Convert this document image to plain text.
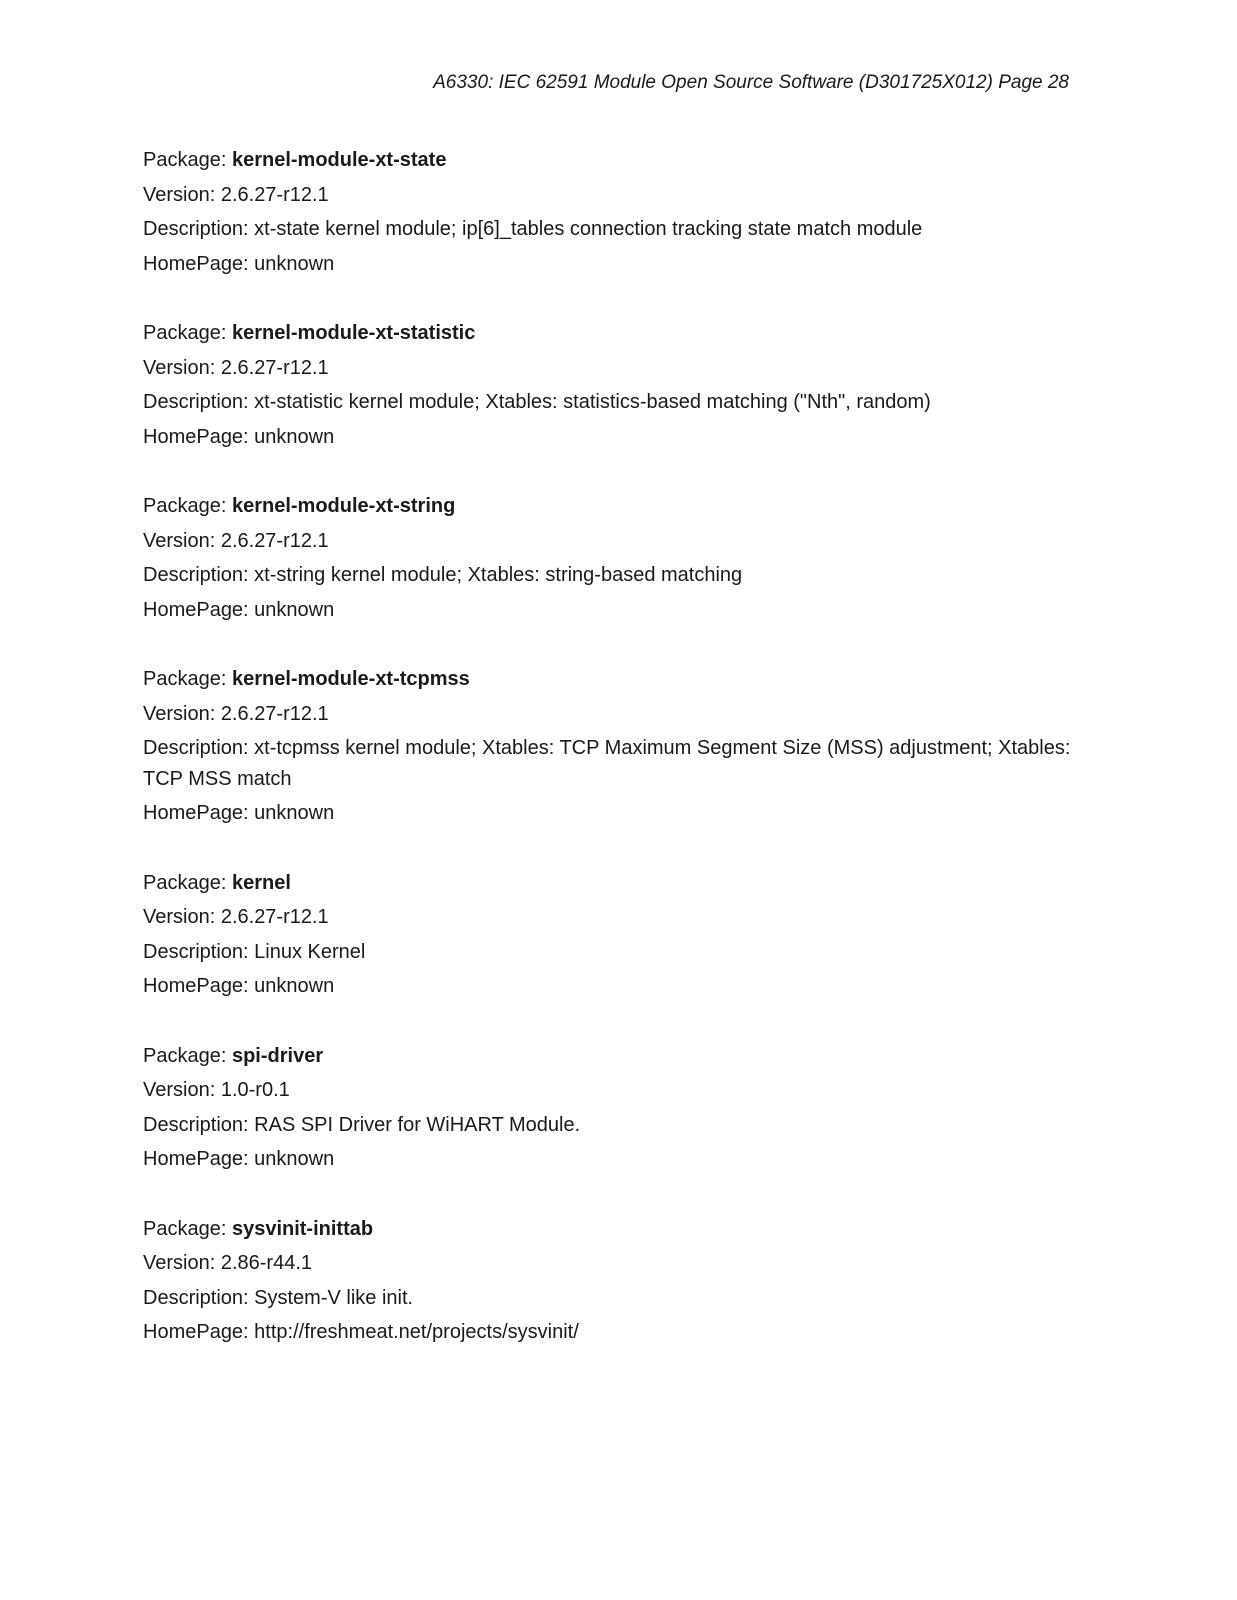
A6330: IEC 62591 Module Open Source Software (D301725X012) Page 28
Package: kernel-module-xt-state
Version: 2.6.27-r12.1
Description: xt-state kernel module; ip[6]_tables connection tracking state match module
HomePage: unknown
Package: kernel-module-xt-statistic
Version: 2.6.27-r12.1
Description: xt-statistic kernel module; Xtables: statistics-based matching ("Nth", random)
HomePage: unknown
Package: kernel-module-xt-string
Version: 2.6.27-r12.1
Description: xt-string kernel module; Xtables: string-based matching
HomePage: unknown
Package: kernel-module-xt-tcpmss
Version: 2.6.27-r12.1
Description: xt-tcpmss kernel module; Xtables: TCP Maximum Segment Size (MSS) adjustment; Xtables: TCP MSS match
HomePage: unknown
Package: kernel
Version: 2.6.27-r12.1
Description: Linux Kernel
HomePage: unknown
Package: spi-driver
Version: 1.0-r0.1
Description: RAS SPI Driver for WiHART Module.
HomePage: unknown
Package: sysvinit-inittab
Version: 2.86-r44.1
Description: System-V like init.
HomePage: http://freshmeat.net/projects/sysvinit/
